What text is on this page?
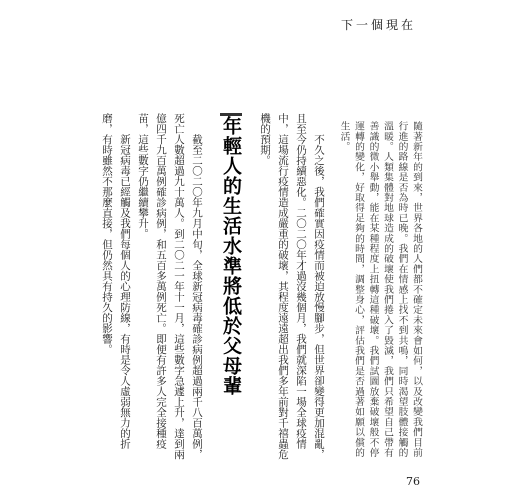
下一個現在

隨著新年的到來，世界各地的人們都不確定未來會如何，以及改變我們目前行進的路線是否為時已晚。我們在情感上找不到共鳴，同時渴望肢體接觸的溫暖。人類集體對地球造成的破壞使我們捲入了毀滅，我們只希望自己帶有善識的微小舉動，能在某種程度上扭轉這種破壞。我們試圖放棄破壞般不停運轉的變化，好取得足夠的時間，調整身心，評估我們是否過著如願以償的生活。

不久之後，我們確實因疫情而被迫放慢腳步，但世界卻變得更加混亂，且至今仍持續惡化。二〇二〇年才過沒幾個月，我們就深陷一場全球疫情中，這場流行疫情造成嚴重的破壞，其程度遠遠超出我們多年前對千禧蟲危機的預期。

年輕人的生活水準將低於父母輩

截至二〇二〇年九月中旬，全球新冠病毒確診病例超過兩千八百萬例，死亡人數超過九十萬人。到二〇二一年十一月，這些數字急遽上升，達到兩億四千九百萬例確診病例，和五百多萬例死亡。即便有許多人完全接種疫苗，這些數字仍繼續攀升。

新冠病毒已經觸及我們每個人的心理防線，有時是令人虛弱無力的折磨，有時雖然不那麼直接，但仍然具有持久的影響。

76
